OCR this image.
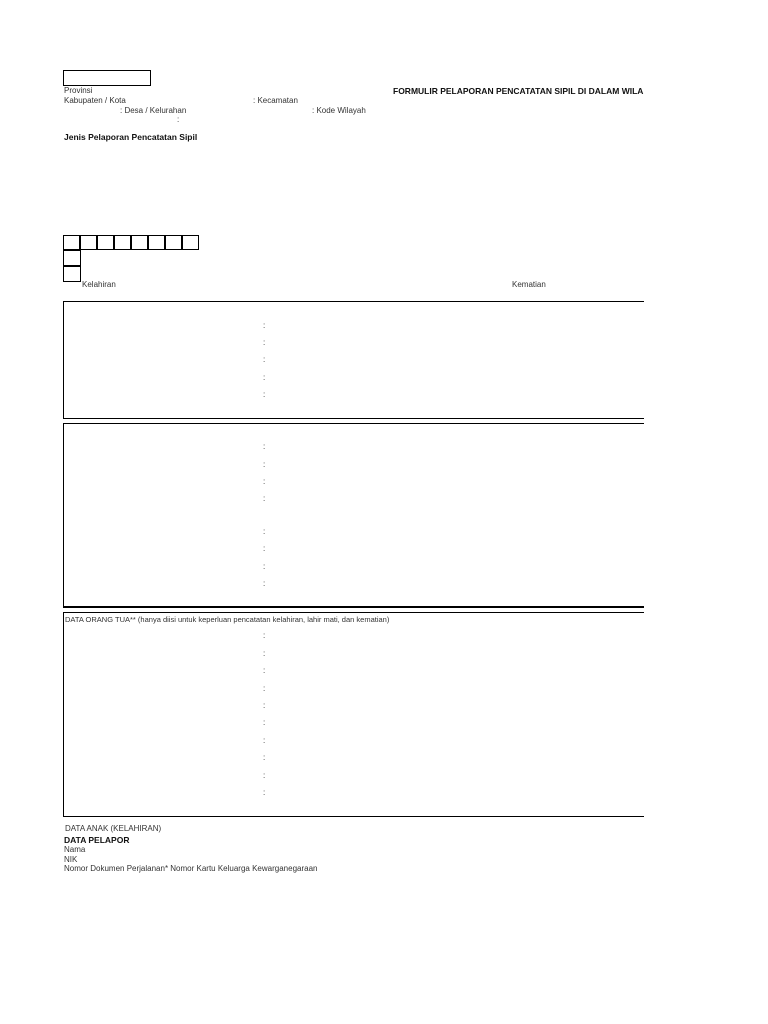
Provinsi
Kabupaten / Kota
: Desa / Kelurahan
:
: Kecamatan
: Kode Wilayah
FORMULIR PELAPORAN PENCATATAN SIPIL DI DALAM WILA
Jenis Pelaporan Pencatatan Sipil
Kelahiran	Kematian
:
:
:
:
:
:
:
:
:
:
:
:
:
DATA ORANG TUA** (hanya diisi untuk keperluan pencatatan kelahiran, lahir mati, dan kematian)
:
:
:
:
:
:
:
:
:
:
DATA ANAK (KELAHIRAN)
DATA PELAPOR
Nama
NIK
Nomor Dokumen Perjalanan* Nomor Kartu Keluarga Kewarganegaraan
